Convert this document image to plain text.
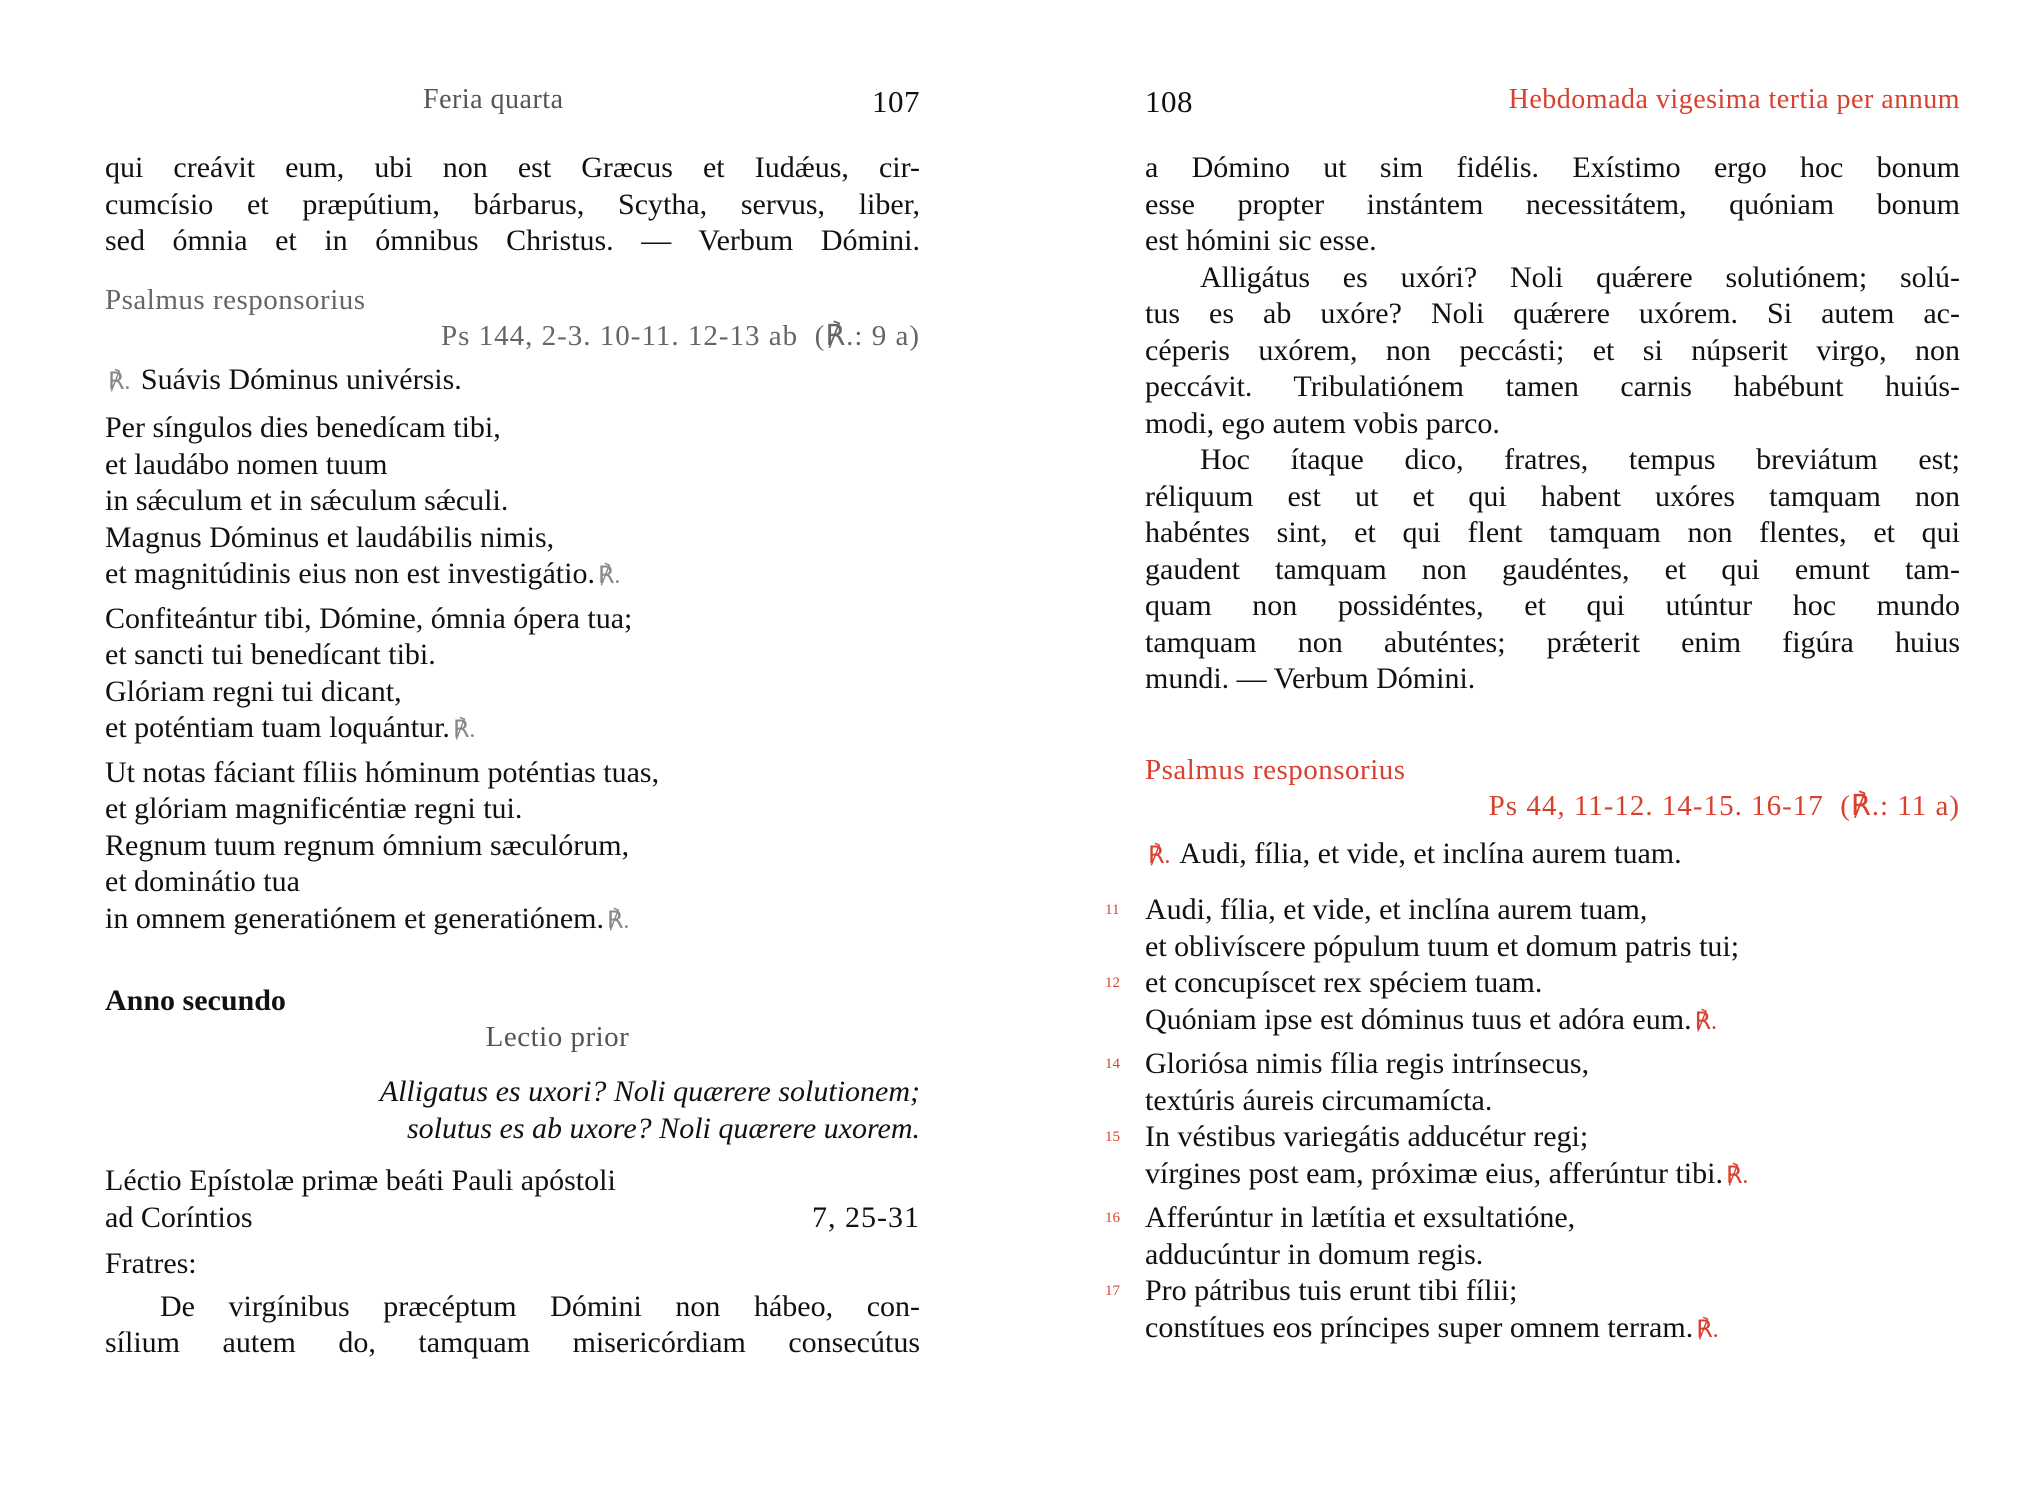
Feria quarta	107
qui creávit eum, ubi non est Græcus et Iudǽus, cir-
cumcísio et præpútium, bárbarus, Scytha, servus, liber,
sed ómnia et in ómnibus Christus. — Verbum Dómini.
Psalmus responsorius
Ps 144, 2-3. 10-11. 12-13 ab (℟.: 9 a)
℟. Suávis Dóminus univérsis.
Per síngulos dies benedícam tibi,
et laudábo nomen tuum
in sǽculum et in sǽculum sǽculi.
Magnus Dóminus et laudábilis nimis,
et magnitúdinis eius non est investigátio. ℟.
Confiteántur tibi, Dómine, ómnia ópera tua;
et sancti tui benedícant tibi.
Glóriam regni tui dicant,
et poténtiam tuam loquántur. ℟.
Ut notas fáciant fíliis hóminum poténtias tuas,
et glóriam magnificéntiæ regni tui.
Regnum tuum regnum ómnium sæculórum,
et dominátio tua
in omnem generatiónem et generatiónem. ℟.
Anno secundo
Lectio prior
Alligatus es uxori? Noli quærere solutionem;
solutus es ab uxore? Noli quærere uxorem.
Léctio Epístolæ primæ beáti Pauli apóstoli
ad Coríntios	7, 25-31
Fratres:
De virgínibus præcéptum Dómini non hábeo, con-
sílium autem do, tamquam misericórdiam consecútus
108	Hebdomada vigesima tertia per annum
a Dómino ut sim fidélis. Exístimo ergo hoc bonum
esse propter instántem necessitátem, quóniam bonum
est hómini sic esse.
Alligátus es uxóri? Noli quǽrere solutiónem; solú-
tus es ab uxóre? Noli quǽrere uxórem. Si autem ac-
céperis uxórem, non peccásti; et si núpserit virgo, non
peccávit. Tribulatiónem tamen carnis habébunt huiús-
modi, ego autem vobis parco.
Hoc ítaque dico, fratres, tempus breviátum est;
réliquum est ut et qui habent uxóres tamquam non
habéntes sint, et qui flent tamquam non flentes, et qui
gaudent tamquam non gaudéntes, et qui emunt tam-
quam non possidéntes, et qui utúntur hoc mundo
tamquam non abuténtes; prǽterit enim figúra huius
mundi. — Verbum Dómini.
Psalmus responsorius
Ps 44, 11-12. 14-15. 16-17 (℟.: 11 a)
℟. Audi, fília, et vide, et inclína aurem tuam.
11 Audi, fília, et vide, et inclína aurem tuam,
et oblivíscere pópulum tuum et domum patris tui;
12 et concupíscet rex spéciem tuam.
Quóniam ipse est dóminus tuus et adóra eum. ℟.
14 Gloriósa nimis fília regis intrínsecus,
textúris áureis circumamícta.
15 In véstibus variegátis adducétur regi;
vírgines post eam, próximæ eius, afferúntur tibi. ℟.
16 Afferúntur in lætítia et exsultatióne,
adducúntur in domum regis.
17 Pro pátribus tuis erunt tibi fílii;
constítues eos príncipes super omnem terram. ℟.
